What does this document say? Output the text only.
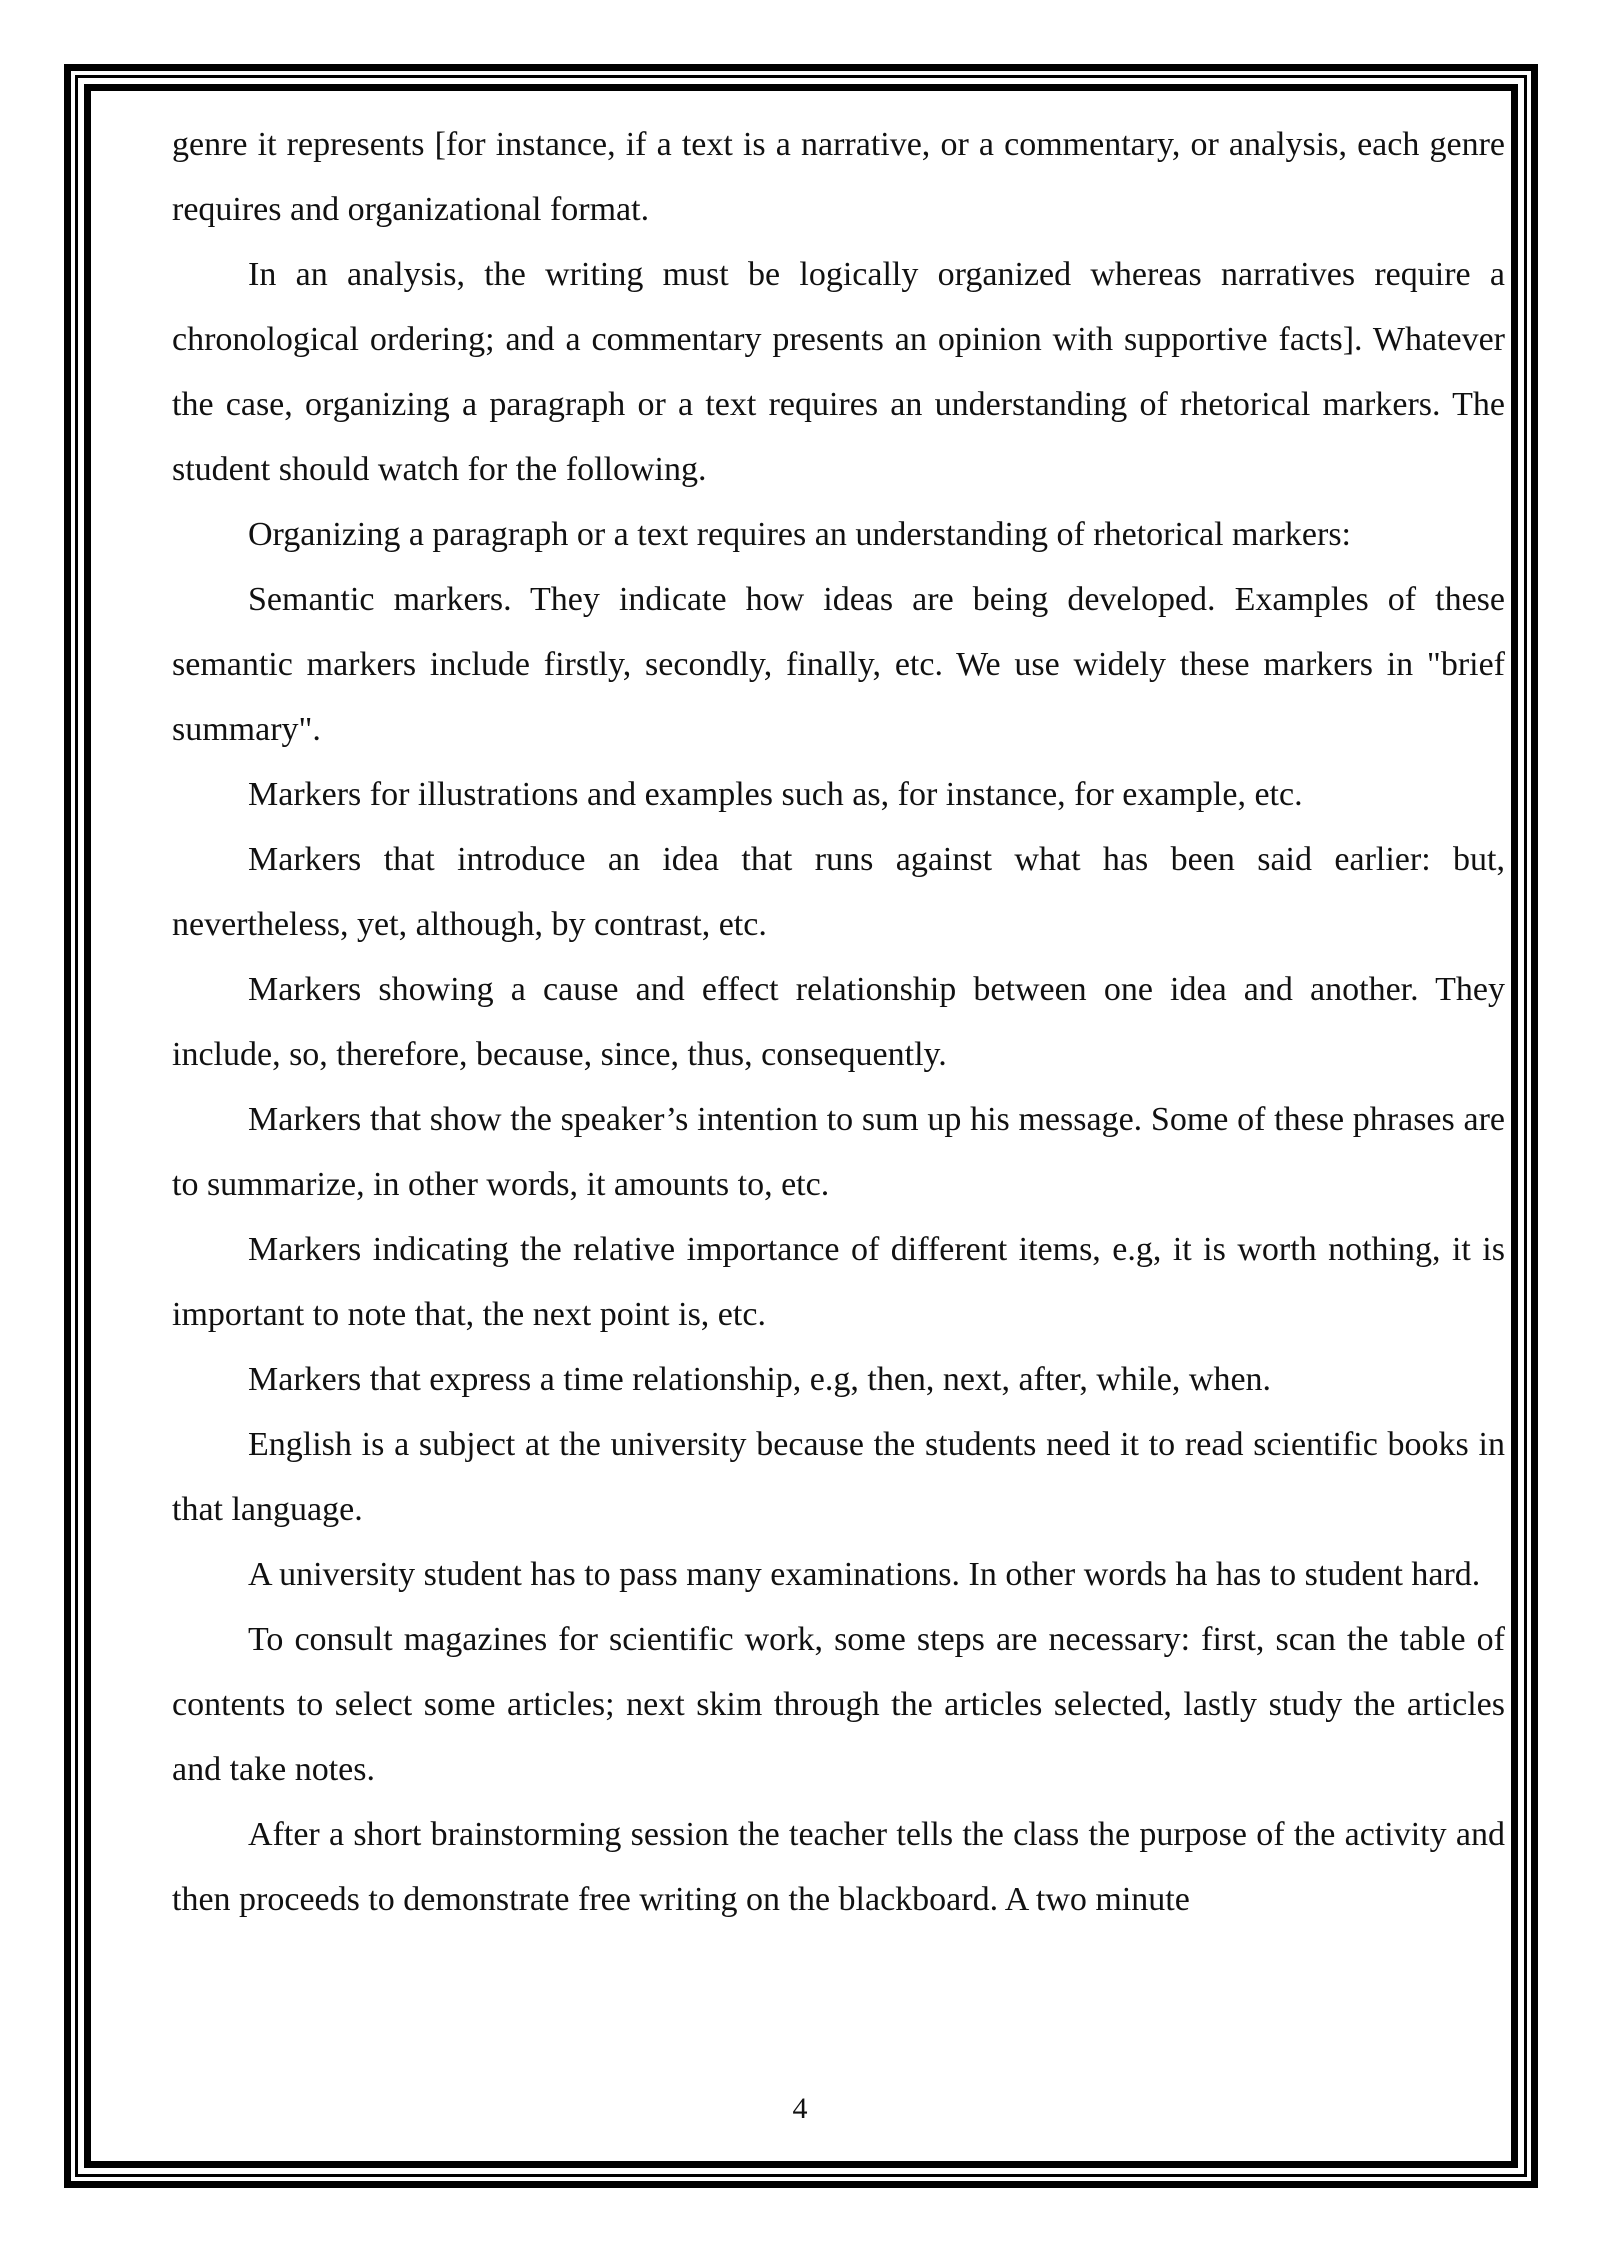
genre it represents [for instance, if a text is a narrative, or a commentary, or analysis, each genre requires and organizational format.

In an analysis, the writing must be logically organized whereas narratives require a chronological ordering; and a commentary presents an opinion with supportive facts]. Whatever the case, organizing a paragraph or a text requires an understanding of rhetorical markers. The student should watch for the following.

Organizing a paragraph or a text requires an understanding of rhetorical markers:

Semantic markers. They indicate how ideas are being developed. Examples of these semantic markers include firstly, secondly, finally, etc. We use widely these markers in "brief summary".

Markers for illustrations and examples such as, for instance, for example, etc.

Markers that introduce an idea that runs against what has been said earlier: but, nevertheless, yet, although, by contrast, etc.

Markers showing a cause and effect relationship between one idea and another. They include, so, therefore, because, since, thus, consequently.

Markers that show the speaker’s intention to sum up his message. Some of these phrases are to summarize, in other words, it amounts to, etc.

Markers indicating the relative importance of different items, e.g, it is worth nothing, it is important to note that, the next point is, etc.

Markers that express a time relationship, e.g, then, next, after, while, when.

English is a subject at the university because the students need it to read scientific books in that language.

A university student has to pass many examinations. In other words ha has to student hard.

To consult magazines for scientific work, some steps are necessary: first, scan the table of contents to select some articles; next skim through the articles selected, lastly study the articles and take notes.

After a short brainstorming session the teacher tells the class the purpose of the activity and then proceeds to demonstrate free writing on the blackboard. A two minute

4
